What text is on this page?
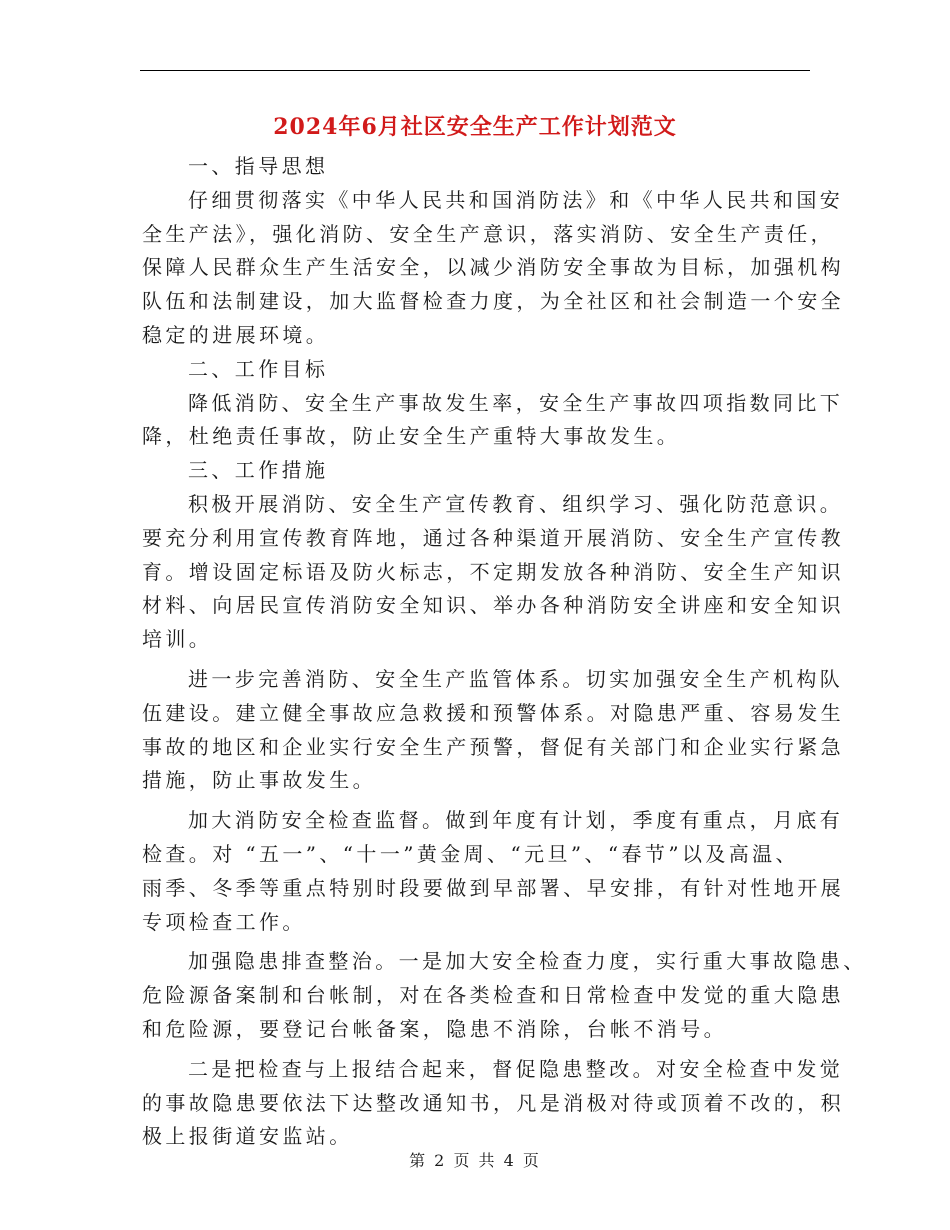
2024年6月社区安全生产工作计划范文
一、指导思想
仔细贯彻落实《中华人民共和国消防法》和《中华人民共和国安
全生产法》，强化消防、安全生产意识，落实消防、安全生产责任，
保障人民群众生产生活安全，以减少消防安全事故为目标，加强机构
队伍和法制建设，加大监督检查力度，为全社区和社会制造一个安全
稳定的进展环境。
二、工作目标
降低消防、安全生产事故发生率，安全生产事故四项指数同比下
降，杜绝责任事故，防止安全生产重特大事故发生。
三、工作措施
积极开展消防、安全生产宣传教育、组织学习、强化防范意识。
要充分利用宣传教育阵地，通过各种渠道开展消防、安全生产宣传教
育。增设固定标语及防火标志，不定期发放各种消防、安全生产知识
材料、向居民宣传消防安全知识、举办各种消防安全讲座和安全知识
培训。
进一步完善消防、安全生产监管体系。切实加强安全生产机构队
伍建设。建立健全事故应急救援和预警体系。对隐患严重、容易发生
事故的地区和企业实行安全生产预警，督促有关部门和企业实行紧急
措施，防止事故发生。
加大消防安全检查监督。做到年度有计划，季度有重点，月底有
检查。对 “五一”、“十一”黄金周、“元旦”、“春节”以及高温、
雨季、冬季等重点特别时段要做到早部署、早安排，有针对性地开展
专项检查工作。
加强隐患排查整治。一是加大安全检查力度，实行重大事故隐患、
危险源备案制和台帐制，对在各类检查和日常检查中发觉的重大隐患
和危险源，要登记台帐备案，隐患不消除，台帐不消号。
二是把检查与上报结合起来，督促隐患整改。对安全检查中发觉
的事故隐患要依法下达整改通知书，凡是消极对待或顶着不改的，积
极上报街道安监站。
第 2 页 共 4 页
